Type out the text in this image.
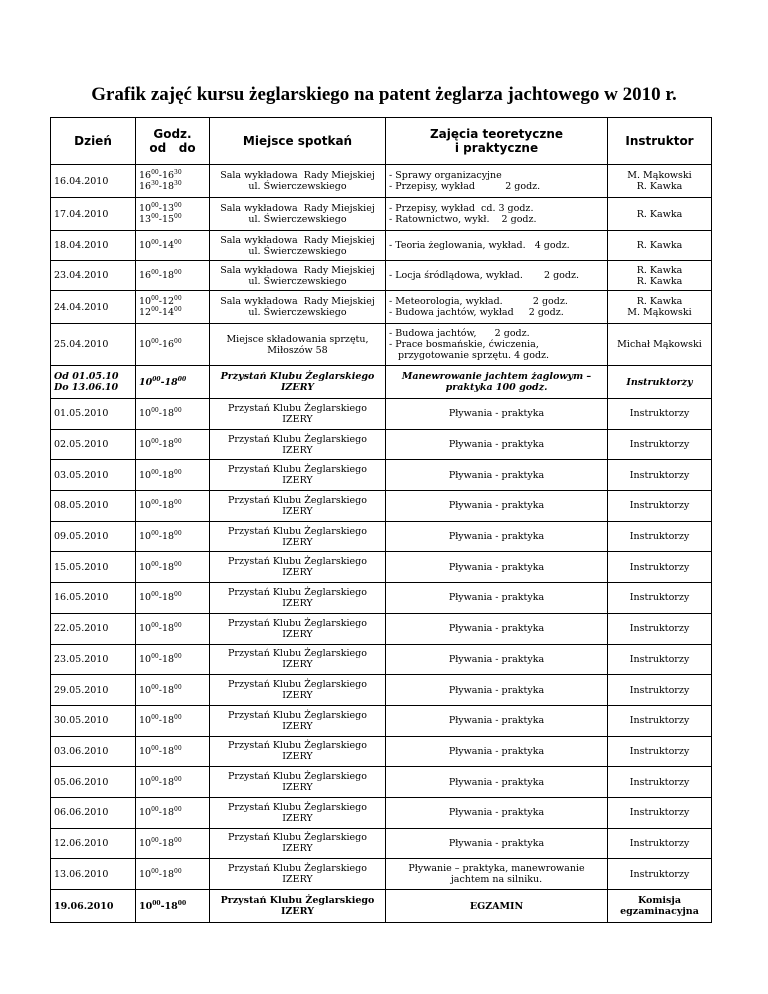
Grafik zajęć kursu żeglarskiego na patent żeglarza jachtowego w 2010 r.
Dzień	Godz.
od   do	Miejsce spotkań	Zajęcia teoretyczne
i praktyczne	Instruktor
16.04.2010	$16^{00}-16^{30}$
$16^{30}-18^{30}$	Sala wykładowa  Rady Miejskiej
ul. Świerczewskiego	- Sprawy organizacyjne
- Przepisy, wykład          2 godz.	M. Mąkowski
R. Kawka

17.04.2010	$10^{00}-13^{00}$
$13^{00}-15^{00}$	Sala wykładowa  Rady Miejskiej
ul. Świerczewskiego	- Przepisy, wykład  cd. 3 godz.
- Ratownictwo, wykł.    2 godz.	R. Kawka

18.04.2010	$10^{00}-14^{00}$	Sala wykładowa  Rady Miejskiej
ul. Świerczewskiego	- Teoria żeglowania, wykład.   4 godz.	R. Kawka

23.04.2010	$16^{00}-18^{00}$	Sala wykładowa  Rady Miejskiej
ul. Świerczewskiego	- Locja śródlądowa, wykład.       2 godz.	R. Kawka
R. Kawka

24.04.2010	$10^{00}-12^{00}$
$12^{00}-14^{00}$	Sala wykładowa  Rady Miejskiej
ul. Świerczewskiego	- Meteorologia, wykład.          2 godz.
- Budowa jachtów, wykład     2 godz.	R. Kawka
M. Mąkowski

25.04.2010	$10^{00}-16^{00}$	Miejsce składowania sprzętu,
Miłoszów 58	- Budowa jachtów,      2 godz.
- Prace bosmańskie, ćwiczenia,
przygotowanie sprzętu. 4 godz.	Michał Mąkowski

Od 01.05.10
Do 13.06.10	$10^{00}-18^{00}$	Przystań Klubu Żeglarskiego
IZERY	Manewrowanie jachtem żaglowym –
praktyka 100 godz.	Instruktorzy
01.05.2010	$10^{00}-18^{00}$	Przystań Klubu Żeglarskiego
IZERY	Pływania - praktyka	Instruktorzy
02.05.2010	$10^{00}-18^{00}$	Przystań Klubu Żeglarskiego
IZERY	Pływania - praktyka	Instruktorzy
03.05.2010	$10^{00}-18^{00}$	Przystań Klubu Żeglarskiego
IZERY	Pływania - praktyka	Instruktorzy
08.05.2010	$10^{00}-18^{00}$	Przystań Klubu Żeglarskiego
IZERY	Pływania - praktyka	Instruktorzy
09.05.2010	$10^{00}-18^{00}$	Przystań Klubu Żeglarskiego
IZERY	Pływania - praktyka	Instruktorzy
15.05.2010	$10^{00}-18^{00}$	Przystań Klubu Żeglarskiego
IZERY	Pływania - praktyka	Instruktorzy
16.05.2010	$10^{00}-18^{00}$	Przystań Klubu Żeglarskiego
IZERY	Pływania - praktyka	Instruktorzy
22.05.2010	$10^{00}-18^{00}$	Przystań Klubu Żeglarskiego
IZERY	Pływania - praktyka	Instruktorzy
23.05.2010	$10^{00}-18^{00}$	Przystań Klubu Żeglarskiego
IZERY	Pływania - praktyka	Instruktorzy
29.05.2010	$10^{00}-18^{00}$	Przystań Klubu Żeglarskiego
IZERY	Pływania - praktyka	Instruktorzy
30.05.2010	$10^{00}-18^{00}$	Przystań Klubu Żeglarskiego
IZERY	Pływania - praktyka	Instruktorzy
03.06.2010	$10^{00}-18^{00}$	Przystań Klubu Żeglarskiego
IZERY	Pływania - praktyka	Instruktorzy
05.06.2010	$10^{00}-18^{00}$	Przystań Klubu Żeglarskiego
IZERY	Pływania - praktyka	Instruktorzy
06.06.2010	$10^{00}-18^{00}$	Przystań Klubu Żeglarskiego
IZERY	Pływania - praktyka	Instruktorzy
12.06.2010	$10^{00}-18^{00}$	Przystań Klubu Żeglarskiego
IZERY	Pływania - praktyka	Instruktorzy
13.06.2010	$10^{00}-18^{00}$	Przystań Klubu Żeglarskiego
IZERY	Pływanie – praktyka, manewrowanie
jachtem na silniku.	Instruktorzy
19.06.2010	$10^{00}-18^{00}$	Przystań Klubu Żeglarskiego
IZERY	EGZAMIN	Komisja
egzaminacyjna
